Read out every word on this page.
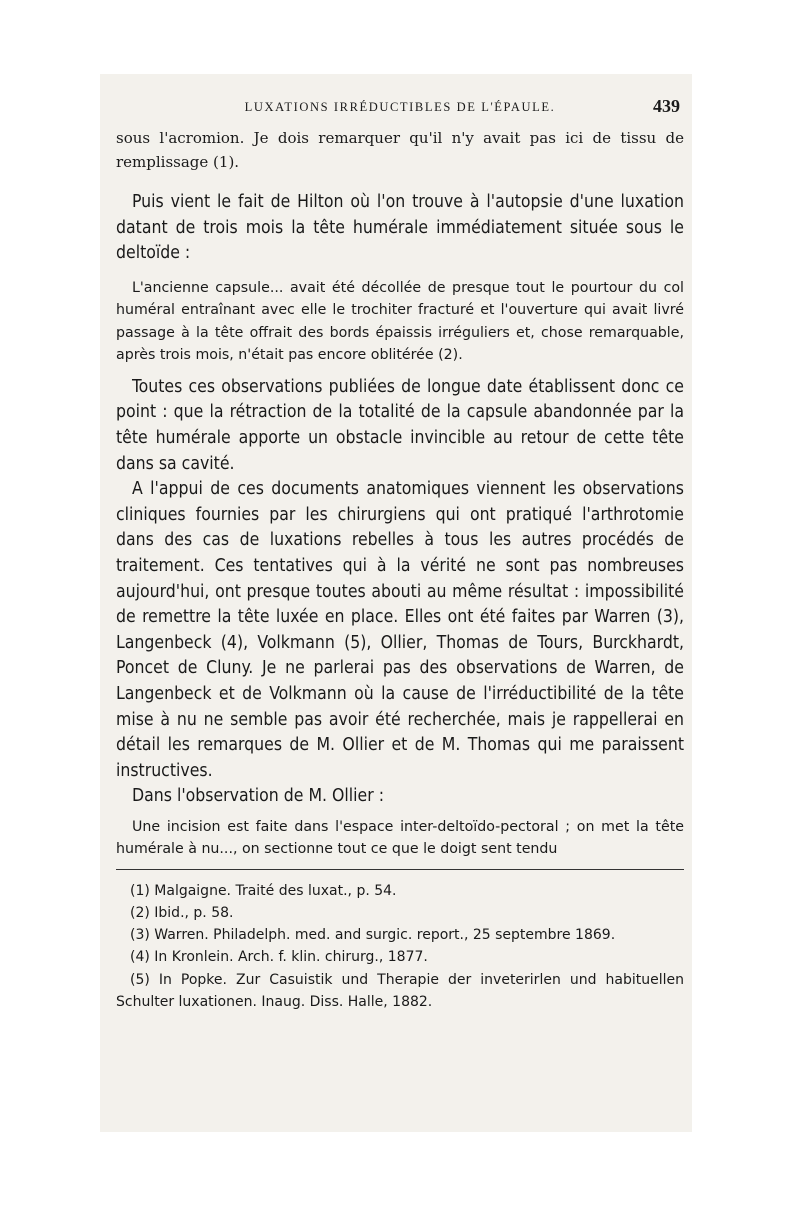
LUXATIONS IRRÉDUCTIBLES DE L'ÉPAULE.	439

sous l'acromion. Je dois remarquer qu'il n'y avait pas ici de tissu de remplissage (1).

Puis vient le fait de Hilton où l'on trouve à l'autopsie d'une luxation datant de trois mois la tête humérale immédiatement située sous le deltoïde :

L'ancienne capsule... avait été décollée de presque tout le pourtour du col huméral entraînant avec elle le trochiter fracturé et l'ouverture qui avait livré passage à la tête offrait des bords épaissis irréguliers et, chose remarquable, après trois mois, n'était pas encore oblitérée (2).

Toutes ces observations publiées de longue date établissent donc ce point : que la rétraction de la totalité de la capsule abandonnée par la tête humérale apporte un obstacle invincible au retour de cette tête dans sa cavité.

A l'appui de ces documents anatomiques viennent les observations cliniques fournies par les chirurgiens qui ont pratiqué l'arthrotomie dans des cas de luxations rebelles à tous les autres procédés de traitement. Ces tentatives qui à la vérité ne sont pas nombreuses aujourd'hui, ont presque toutes abouti au même résultat : impossibilité de remettre la tête luxée en place. Elles ont été faites par Warren (3), Langenbeck (4), Volkmann (5), Ollier, Thomas de Tours, Burckhardt, Poncet de Cluny. Je ne parlerai pas des observations de Warren, de Langenbeck et de Volkmann où la cause de l'irréductibilité de la tête mise à nu ne semble pas avoir été recherchée, mais je rappellerai en détail les remarques de M. Ollier et de M. Thomas qui me paraissent instructives.

Dans l'observation de M. Ollier :

Une incision est faite dans l'espace inter-deltoïdo-pectoral ; on met la tête humérale à nu..., on sectionne tout ce que le doigt sent tendu

(1) Malgaigne. Traité des luxat., p. 54.

(2) Ibid., p. 58.

(3) Warren. Philadelph. med. and surgic. report., 25 septembre 1869.

(4) In Kronlein. Arch. f. klin. chirurg., 1877.

(5) In Popke. Zur Casuistik und Therapie der inveterirlen und habituellen Schulter luxationen. Inaug. Diss. Halle, 1882.
